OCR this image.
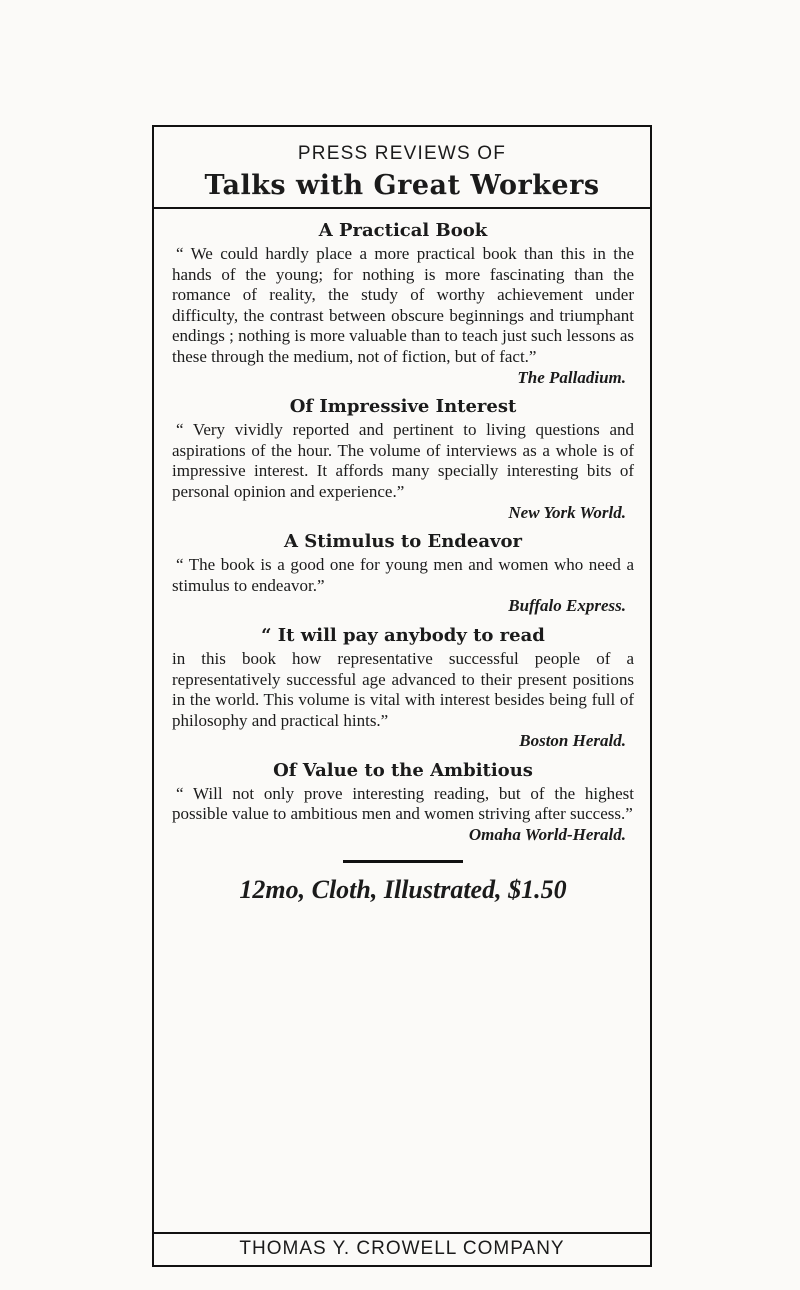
PRESS REVIEWS OF

Talks with Great Workers

A Practical Book

“ We could hardly place a more practical book than this in the hands of the young; for nothing is more fascinating than the romance of reality, the study of worthy achievement under difficulty, the contrast between obscure beginnings and triumphant endings ; nothing is more valuable than to teach just such lessons as these through the medium, not of fiction, but of fact.”

The Palladium.

Of Impressive Interest

“ Very vividly reported and pertinent to living questions and aspirations of the hour. The volume of interviews as a whole is of impressive interest. It affords many specially interesting bits of personal opinion and experience.”

New York World.

A Stimulus to Endeavor

“ The book is a good one for young men and women who need a stimulus to endeavor.”

Buffalo Express.

“ It will pay anybody to read

in this book how representative successful people of a representatively successful age advanced to their present positions in the world. This volume is vital with interest besides being full of philosophy and practical hints.”

Boston Herald.

Of Value to the Ambitious

“ Will not only prove interesting reading, but of the highest possible value to ambitious men and women striving after success.”

Omaha World-Herald.

12mo, Cloth, Illustrated, $1.50

THOMAS Y. CROWELL COMPANY
